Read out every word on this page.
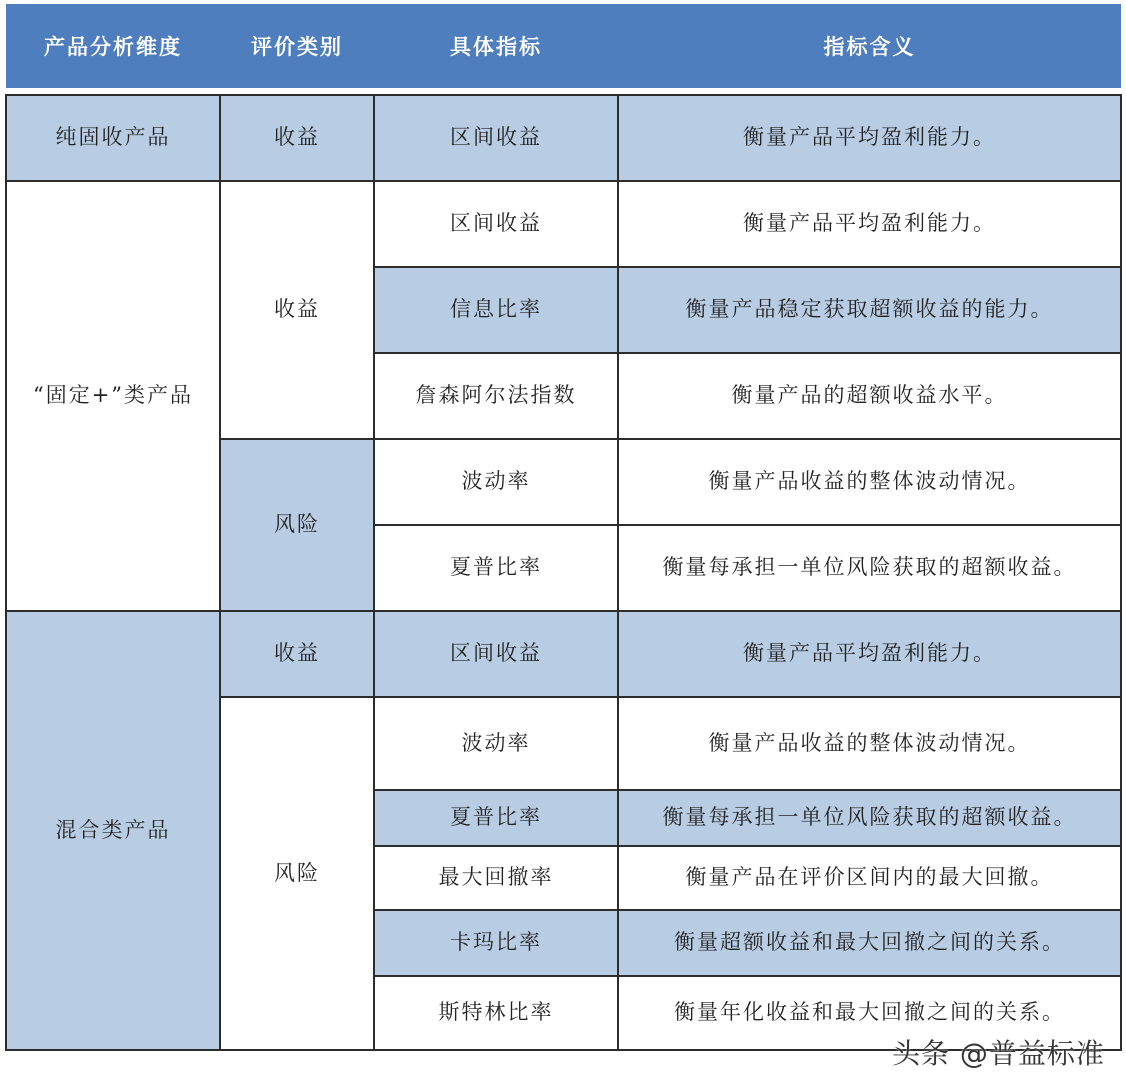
产品分析维度	评价类别	具体指标	指标含义

纯固收产品	收益	区间收益	衡量产品平均盈利能力。
“固定+”类产品	收益	区间收益	衡量产品平均盈利能力。
		信息比率	衡量产品稳定获取超额收益的能力。
		詹森阿尔法指数	衡量产品的超额收益水平。
	风险	波动率	衡量产品收益的整体波动情况。
		夏普比率	衡量每承担一单位风险获取的超额收益。
混合类产品	收益	区间收益	衡量产品平均盈利能力。
	风险	波动率	衡量产品收益的整体波动情况。
		夏普比率	衡量每承担一单位风险获取的超额收益。
		最大回撤率	衡量产品在评价区间内的最大回撤。
		卡玛比率	衡量超额收益和最大回撤之间的关系。
		斯特林比率	衡量年化收益和最大回撤之间的关系。

头条 @普益标准
